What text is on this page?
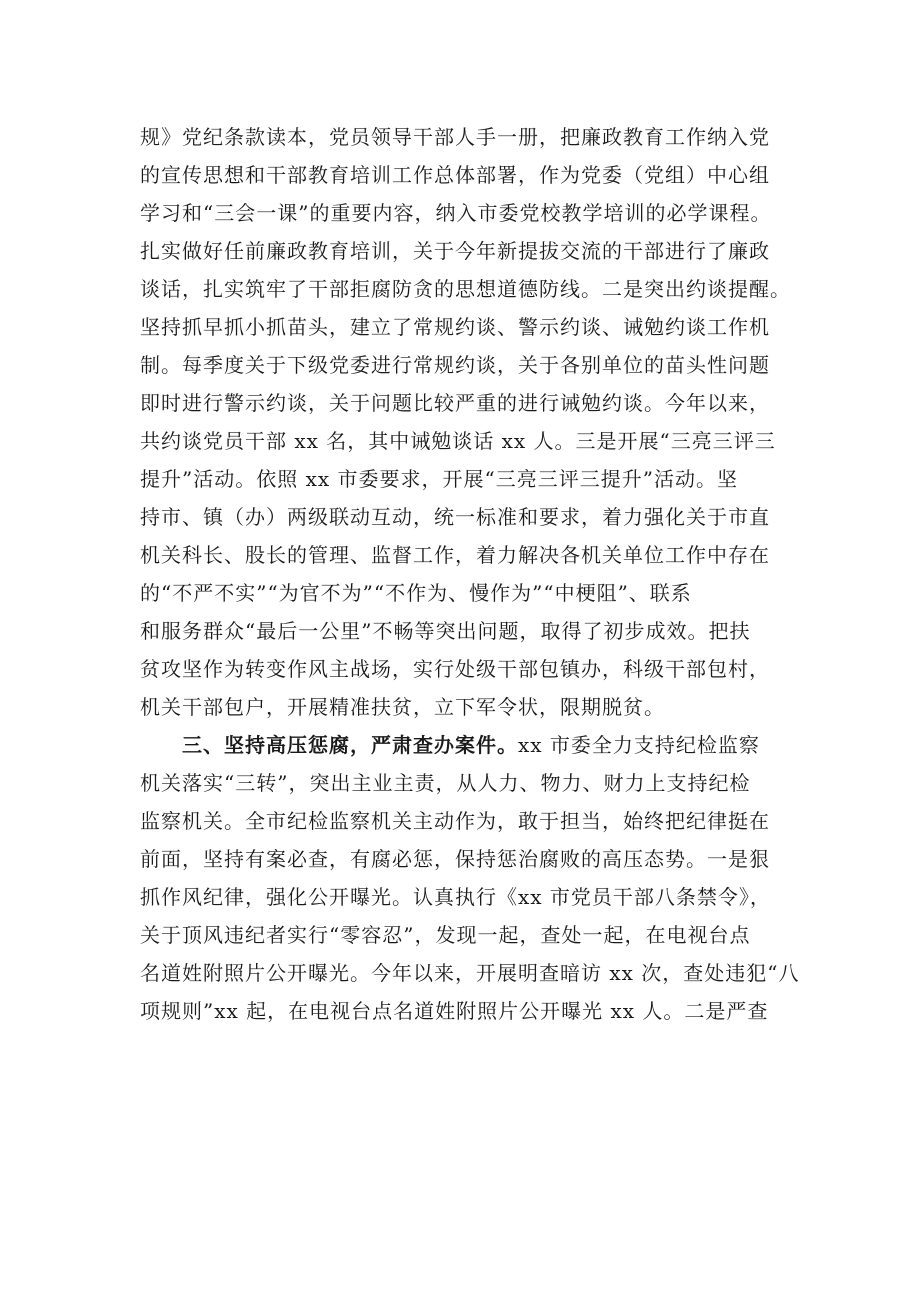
规》党纪条款读本，党员领导干部人手一册，把廉政教育工作纳入党
的宣传思想和干部教育培训工作总体部署，作为党委（党组）中心组
学习和“三会一课”的重要内容，纳入市委党校教学培训的必学课程。
扎实做好任前廉政教育培训，关于今年新提拔交流的干部进行了廉政
谈话，扎实筑牢了干部拒腐防贪的思想道德防线。二是突出约谈提醒。
坚持抓早抓小抓苗头，建立了常规约谈、警示约谈、诫勉约谈工作机
制。每季度关于下级党委进行常规约谈，关于各别单位的苗头性问题
即时进行警示约谈，关于问题比较严重的进行诫勉约谈。今年以来，
共约谈党员干部 xx 名，其中诫勉谈话 xx 人。三是开展“三亮三评三
提升”活动。依照 xx 市委要求，开展“三亮三评三提升”活动。坚
持市、镇（办）两级联动互动，统一标准和要求，着力强化关于市直
机关科长、股长的管理、监督工作，着力解决各机关单位工作中存在
的“不严不实”“为官不为”“不作为、慢作为”“中梗阻”、联系
和服务群众“最后一公里”不畅等突出问题，取得了初步成效。把扶
贫攻坚作为转变作风主战场，实行处级干部包镇办，科级干部包村，
机关干部包户，开展精准扶贫，立下军令状，限期脱贫。
三、坚持高压惩腐，严肃查办案件。xx 市委全力支持纪检监察
机关落实“三转”，突出主业主责，从人力、物力、财力上支持纪检
监察机关。全市纪检监察机关主动作为，敢于担当，始终把纪律挺在
前面，坚持有案必查，有腐必惩，保持惩治腐败的高压态势。一是狠
抓作风纪律，强化公开曝光。认真执行《xx 市党员干部八条禁令》，
关于顶风违纪者实行“零容忍”，发现一起，查处一起，在电视台点
名道姓附照片公开曝光。今年以来，开展明查暗访 xx 次，查处违犯“八
项规则”xx 起，在电视台点名道姓附照片公开曝光 xx 人。二是严查
